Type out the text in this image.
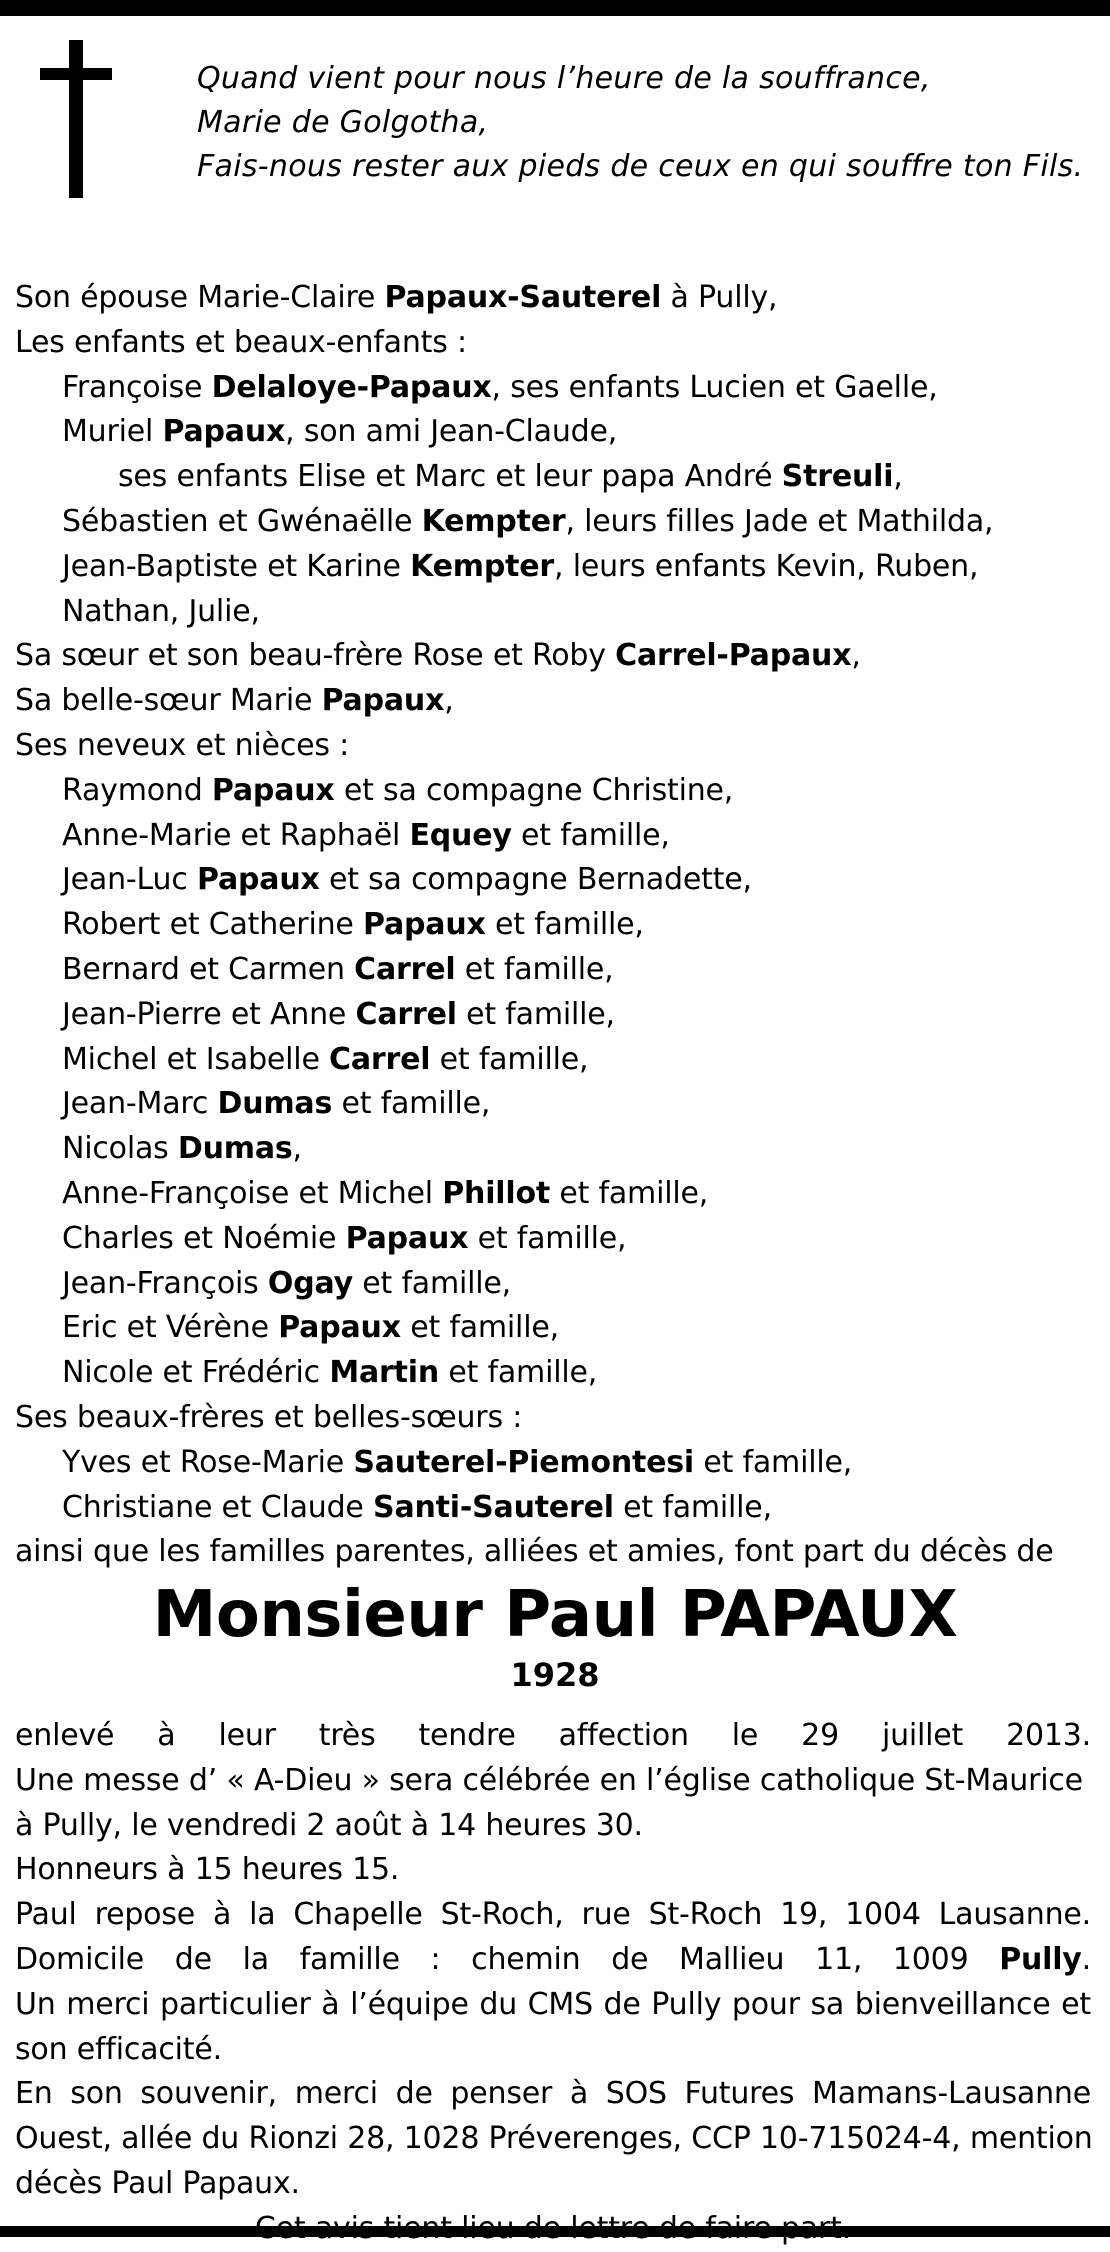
Quand vient pour nous l’heure de la souffrance,
Marie de Golgotha,
Fais-nous rester aux pieds de ceux en qui souffre ton Fils.
Son épouse Marie-Claire Papaux-Sauterel à Pully,
Les enfants et beaux-enfants :
Françoise Delaloye-Papaux, ses enfants Lucien et Gaelle,
Muriel Papaux, son ami Jean-Claude,
ses enfants Elise et Marc et leur papa André Streuli,
Sébastien et Gwénaëlle Kempter, leurs filles Jade et Mathilda,
Jean-Baptiste et Karine Kempter, leurs enfants Kevin, Ruben,
Nathan, Julie,
Sa sœur et son beau-frère Rose et Roby Carrel-Papaux,
Sa belle-sœur Marie Papaux,
Ses neveux et nièces :
Raymond Papaux et sa compagne Christine,
Anne-Marie et Raphaël Equey et famille,
Jean-Luc Papaux et sa compagne Bernadette,
Robert et Catherine Papaux et famille,
Bernard et Carmen Carrel et famille,
Jean-Pierre et Anne Carrel et famille,
Michel et Isabelle Carrel et famille,
Jean-Marc Dumas et famille,
Nicolas Dumas,
Anne-Françoise et Michel Phillot et famille,
Charles et Noémie Papaux et famille,
Jean-François Ogay et famille,
Eric et Vérène Papaux et famille,
Nicole et Frédéric Martin et famille,
Ses beaux-frères et belles-sœurs :
Yves et Rose-Marie Sauterel-Piemontesi et famille,
Christiane et Claude Santi-Sauterel et famille,
ainsi que les familles parentes, alliées et amies, font part du décès de
Monsieur Paul PAPAUX
1928
enlevé à leur très tendre affection le 29 juillet 2013.
Une messe d’ « A-Dieu » sera célébrée en l’église catholique St-Maurice
à Pully, le vendredi 2 août à 14 heures 30.
Honneurs à 15 heures 15.
Paul repose à la Chapelle St-Roch, rue St-Roch 19, 1004 Lausanne.
Domicile de la famille : chemin de Mallieu 11, 1009 Pully.
Un merci particulier à l’équipe du CMS de Pully pour sa bienveillance et
son efficacité.
En son souvenir, merci de penser à SOS Futures Mamans-Lausanne
Ouest, allée du Rionzi 28, 1028 Préverenges, CCP 10-715024-4, mention
décès Paul Papaux.
